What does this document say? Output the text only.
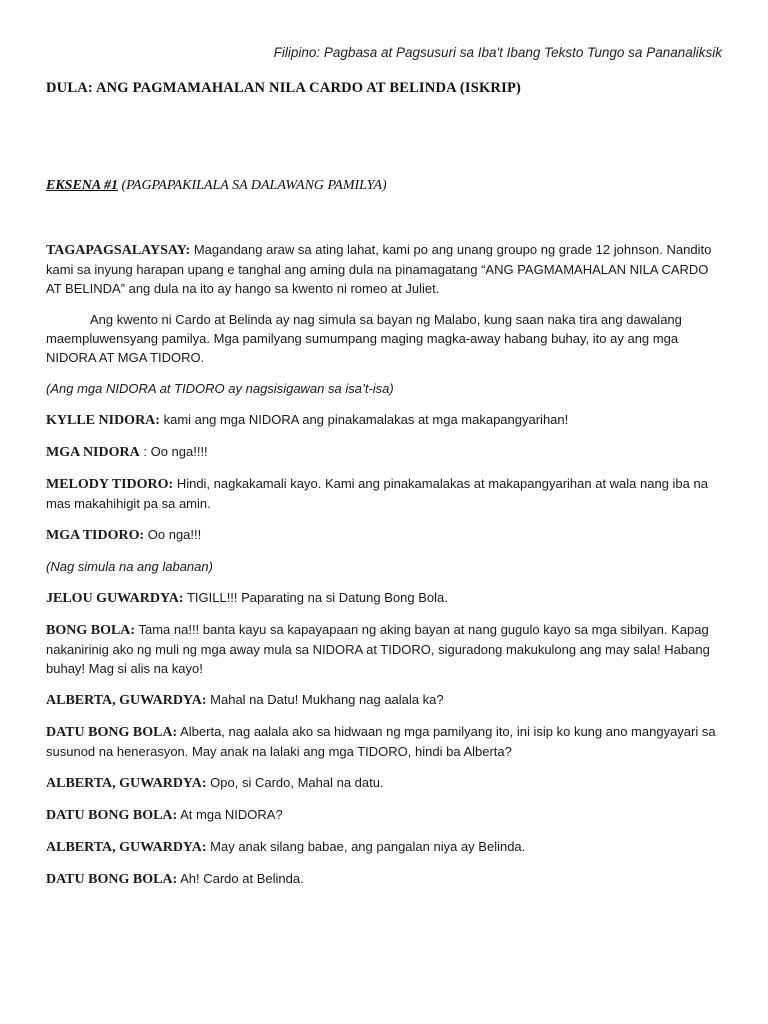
Filipino: Pagbasa at Pagsusuri sa Iba't Ibang Teksto Tungo sa Pananaliksik
DULA: ANG PAGMAMAHALAN NILA CARDO AT BELINDA (ISKRIP)
EKSENA #1 (PAGPAPAKILALA SA DALAWANG PAMILYA)

TAGAPAGSALAYSAY: Magandang araw sa ating lahat, kami po ang unang groupo ng grade 12 johnson. Nandito kami sa inyung harapan upang e tanghal ang aming dula na pinamagatang “ANG PAGMAMAHALAN NILA CARDO AT BELINDA” ang dula na ito ay hango sa kwento ni romeo at Juliet.

Ang kwento ni Cardo at Belinda ay nag simula sa bayan ng Malabo, kung saan naka tira ang dawalang maempluwensyang pamilya. Mga pamilyang sumumpang maging magka-away habang buhay, ito ay ang mga NIDORA AT MGA TIDORO.

(Ang mga NIDORA at TIDORO ay nagsisigawan sa isa’t-isa)

KYLLE NIDORA: kami ang mga NIDORA ang pinakamalakas at mga makapangyarihan!

MGA NIDORA : Oo nga!!!!

MELODY TIDORO: Hindi, nagkakamali kayo. Kami ang pinakamalakas at makapangyarihan at wala nang iba na mas makahihigit pa sa amin.

MGA TIDORO: Oo nga!!!

(Nag simula na ang labanan)

JELOU GUWARDYA: TIGILL!!! Paparating na si Datung Bong Bola.

BONG BOLA: Tama na!!! banta kayu sa kapayapaan ng aking bayan at nang gugulo kayo sa mga sibilyan. Kapag nakanirinig ako ng muli ng mga away mula sa NIDORA at TIDORO, siguradong makukulong ang may sala! Habang buhay! Mag si alis na kayo!

ALBERTA, GUWARDYA: Mahal na Datu! Mukhang nag aalala ka?

DATU BONG BOLA: Alberta, nag aalala ako sa hidwaan ng mga pamilyang ito, ini isip ko kung ano mangyayari sa susunod na henerasyon. May anak na lalaki ang mga TIDORO, hindi ba Alberta?

ALBERTA, GUWARDYA: Opo, si Cardo, Mahal na datu.

DATU BONG BOLA: At mga NIDORA?

ALBERTA, GUWARDYA: May anak silang babae, ang pangalan niya ay Belinda.

DATU BONG BOLA: Ah! Cardo at Belinda.
